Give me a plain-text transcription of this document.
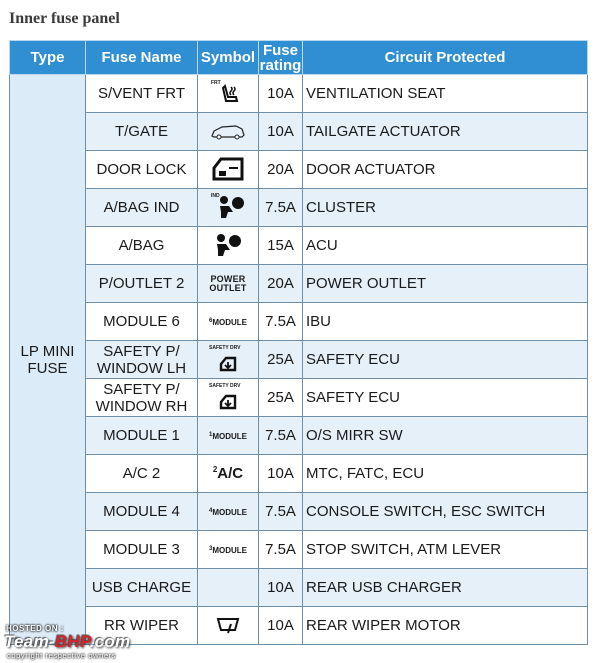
Inner fuse panel
Type	Fuse Name	Symbol	Fuse rating	Circuit Protected
LP MINI FUSE	S/VENT FRT	FRT	10A	VENTILATION SEAT
	T/GATE		10A	TAILGATE ACTUATOR
	DOOR LOCK		20A	DOOR ACTUATOR
	A/BAG IND	IND	7.5A	CLUSTER
	A/BAG		15A	ACU
	P/OUTLET 2	POWER OUTLET	20A	POWER OUTLET
	MODULE 6	$^6$MODULE	7.5A	IBU
	SAFETY P/ WINDOW LH	SAFETY DRV	25A	SAFETY ECU
	SAFETY P/ WINDOW RH	SAFETY DRV	25A	SAFETY ECU
	MODULE 1	$^1$MODULE	7.5A	O/S MIRR SW
	A/C 2	$^2$A/C	10A	MTC, FATC, ECU
	MODULE 4	$^4$MODULE	7.5A	CONSOLE SWITCH, ESC SWITCH
	MODULE 3	$^3$MODULE	7.5A	STOP SWITCH, ATM LEVER
	USB CHARGE		10A	REAR USB CHARGER
	RR WIPER		10A	REAR WIPER MOTOR
HOSTED ON :
Team-BHP.com
copyright respective owners
